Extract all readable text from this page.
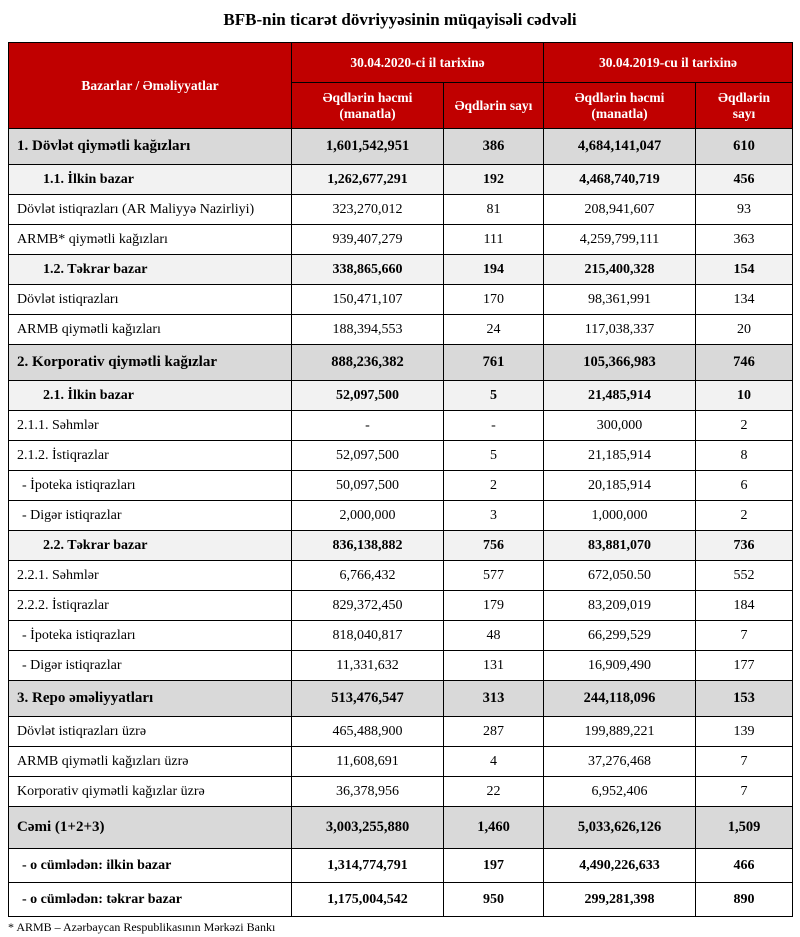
BFB-nin ticarət dövriyyəsinin müqayisəli cədvəli
Bazarlar / Əməliyyatlar	30.04.2020-ci il tarixinə		30.04.2019-cu il tarixinə	
	Əqdlərin həcmi (manatla)	Əqdlərin sayı	Əqdlərin həcmi (manatla)	Əqdlərin sayı
1. Dövlət qiymətli kağızları	1,601,542,951	386	4,684,141,047	610
1.1. İlkin bazar	1,262,677,291	192	4,468,740,719	456
Dövlət istiqrazları (AR Maliyyə Nazirliyi)	323,270,012	81	208,941,607	93
ARMB* qiymətli kağızları	939,407,279	111	4,259,799,111	363
1.2. Təkrar bazar	338,865,660	194	215,400,328	154
Dövlət istiqrazları	150,471,107	170	98,361,991	134
ARMB qiymətli kağızları	188,394,553	24	117,038,337	20
2. Korporativ qiymətli kağızlar	888,236,382	761	105,366,983	746
2.1. İlkin bazar	52,097,500	5	21,485,914	10
2.1.1. Səhmlər	-	-	300,000	2
2.1.2. İstiqrazlar	52,097,500	5	21,185,914	8
- İpoteka istiqrazları	50,097,500	2	20,185,914	6
- Digər istiqrazlar	2,000,000	3	1,000,000	2
2.2. Təkrar bazar	836,138,882	756	83,881,070	736
2.2.1. Səhmlər	6,766,432	577	672,050.50	552
2.2.2. İstiqrazlar	829,372,450	179	83,209,019	184
- İpoteka istiqrazları	818,040,817	48	66,299,529	7
- Digər istiqrazlar	11,331,632	131	16,909,490	177
3. Repo əməliyyatları	513,476,547	313	244,118,096	153
Dövlət istiqrazları üzrə	465,488,900	287	199,889,221	139
ARMB qiymətli kağızları üzrə	11,608,691	4	37,276,468	7
Korporativ qiymətli kağızlar üzrə	36,378,956	22	6,952,406	7
Cəmi (1+2+3)	3,003,255,880	1,460	5,033,626,126	1,509
- o cümlədən: ilkin bazar	1,314,774,791	197	4,490,226,633	466
- o cümlədən: təkrar bazar	1,175,004,542	950	299,281,398	890
* ARMB – Azərbaycan Respublikasının Mərkəzi Bankı
